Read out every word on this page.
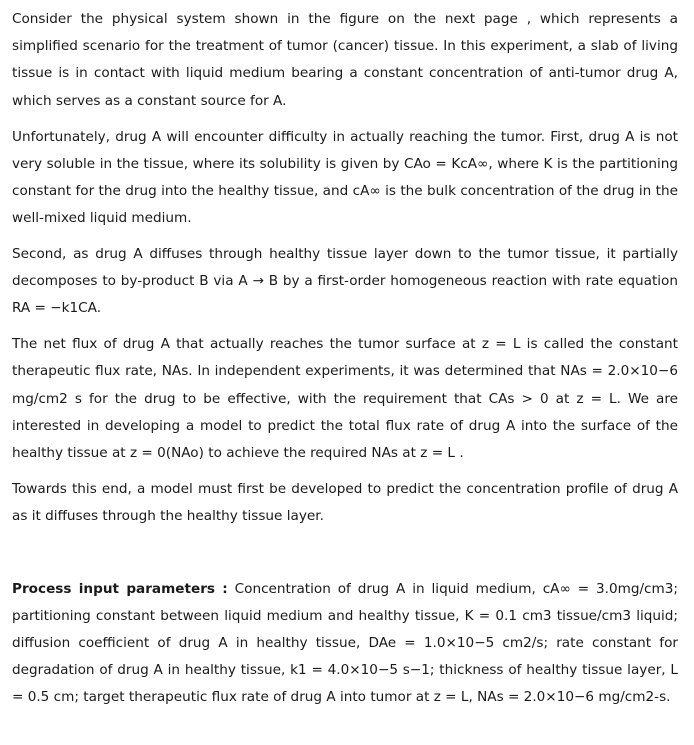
Consider the physical system shown in the figure on the next page , which represents a simplified scenario for the treatment of tumor (cancer) tissue. In this experiment, a slab of living tissue is in contact with liquid medium bearing a constant concentration of anti-tumor drug A, which serves as a constant source for A.

Unfortunately, drug A will encounter difficulty in actually reaching the tumor. First, drug A is not very soluble in the tissue, where its solubility is given by CAo = KcA∞, where K is the partitioning constant for the drug into the healthy tissue, and cA∞ is the bulk concentration of the drug in the well-mixed liquid medium.

Second, as drug A diffuses through healthy tissue layer down to the tumor tissue, it partially decomposes to by-product B via A → B by a first-order homogeneous reaction with rate equation RA = −k1CA.

The net flux of drug A that actually reaches the tumor surface at z = L is called the constant therapeutic flux rate, NAs. In independent experiments, it was determined that NAs = 2.0×10−6 mg/cm2 s for the drug to be effective, with the requirement that CAs > 0 at z = L. We are interested in developing a model to predict the total flux rate of drug A into the surface of the healthy tissue at z = 0(NAo) to achieve the required NAs at z = L .

Towards this end, a model must first be developed to predict the concentration profile of drug A as it diffuses through the healthy tissue layer.

Process input parameters : Concentration of drug A in liquid medium, cA∞ = 3.0mg/cm3; partitioning constant between liquid medium and healthy tissue, K = 0.1 cm3 tissue/cm3 liquid; diffusion coefficient of drug A in healthy tissue, DAe = 1.0×10−5 cm2/s; rate constant for degradation of drug A in healthy tissue, k1 = 4.0×10−5 s−1; thickness of healthy tissue layer, L = 0.5 cm; target therapeutic flux rate of drug A into tumor at z = L, NAs = 2.0×10−6 mg/cm2-s.
